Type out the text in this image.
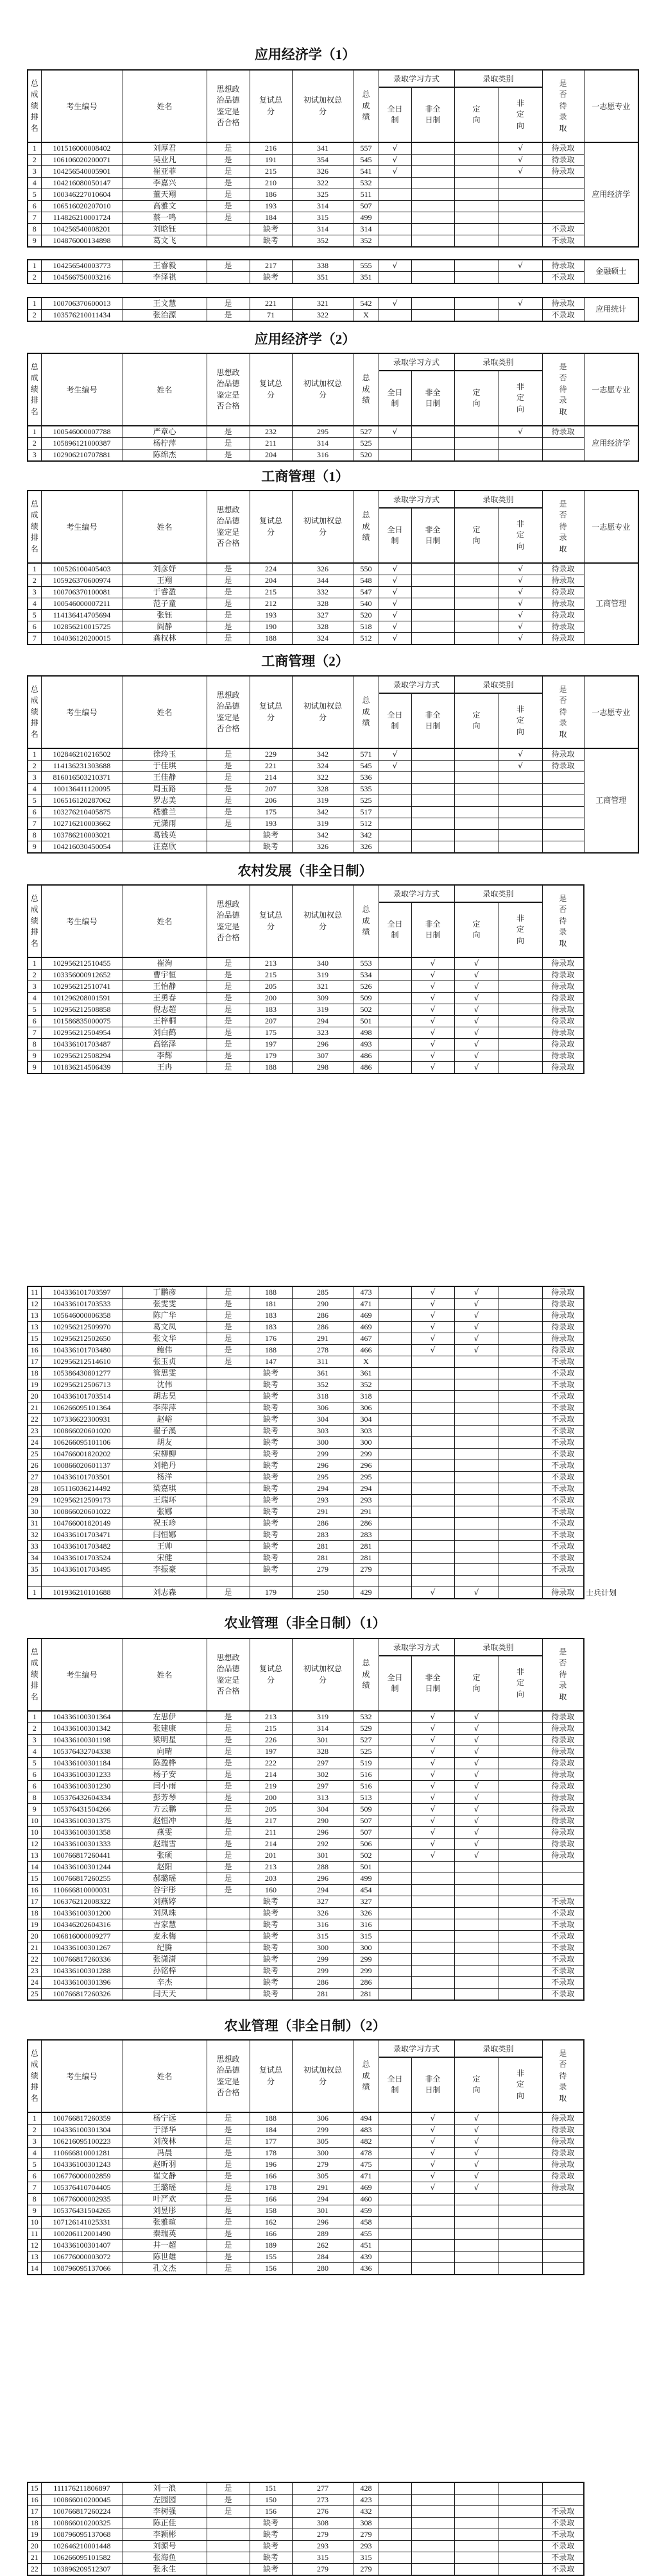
应用经济学（1）
总成绩排名	考生编号	姓名	思想政治品德鉴定是否合格	复试总分	初试加权总分	总成绩	录取学习方式		录取类别		是否待录取	一志愿专业
							全日制	非全日制	定向	非定向		
1	101516000008402	刘厚君	是	216	341	557	√			√	待录取	应用经济学
2	106106020200071	吴业凡	是	191	354	545	√			√	待录取	
3	104256540005901	崔亚菲	是	215	326	541	√			√	待录取	
4	104216080050147	李嘉兴	是	210	322	532						
5	100346227010604	董天翔	是	186	325	511						
6	106516020207010	高雅文	是	193	314	507						
7	114826210001724	蔡一鸣	是	184	315	499						
8	104256540008201	刘晗钰		缺考	314	314					不录取	
9	104876000134898	葛文飞		缺考	352	352					不录取	
1	104256540003773	王睿毅	是	217	338	555	√			√	待录取	金融硕士
2	104566750003216	李泽祺		缺考	351	351					不录取	
1	100706370600013	王文慧	是	221	321	542	√			√	待录取	应用统计
2	103576210011434	张治源	是	71	322	X					不录取	
应用经济学（2）
总成绩排名	考生编号	姓名	思想政治品德鉴定是否合格	复试总分	初试加权总分	总成绩	录取学习方式		录取类别		是否待录取	一志愿专业
							全日制	非全日制	定向	非定向		
1	100546000007788	严章心	是	232	295	527	√			√	待录取	应用经济学
2	105896121000387	杨柠萍	是	211	314	525						
3	102906210707881	陈绵杰	是	204	316	520						
工商管理（1）
总成绩排名	考生编号	姓名	思想政治品德鉴定是否合格	复试总分	初试加权总分	总成绩	录取学习方式		录取类别		是否待录取	一志愿专业
							全日制	非全日制	定向	非定向		
1	100526100405403	刘彦妤	是	224	326	550	√			√	待录取	工商管理
2	105926370600974	王翔	是	204	344	548	√			√	待录取	
3	100706370100081	于睿盈	是	215	332	547	√			√	待录取	
4	100546000007211	范子童	是	212	328	540	√			√	待录取	
5	114136414705694	张钰	是	193	327	520	√			√	待录取	
6	102856210015725	阎静	是	190	328	518	√			√	待录取	
7	104036120200015	龚权林	是	188	324	512	√			√	待录取	
工商管理（2）
总成绩排名	考生编号	姓名	思想政治品德鉴定是否合格	复试总分	初试加权总分	总成绩	录取学习方式		录取类别		是否待录取	一志愿专业
							全日制	非全日制	定向	非定向		
1	102846210216502	徐玲玉	是	229	342	571	√			√	待录取	工商管理
2	114136231303688	于佳琪	是	221	324	545	√			√	待录取	
3	816016503210371	王佳静	是	214	322	536						
4	100136411120095	周玉路	是	207	328	535						
5	106516120287062	罗志美	是	206	319	525						
6	103276210405875	嵇雅兰	是	175	342	517						
7	102716210003662	元潇雨	是	193	319	512						
8	103786210003021	葛钱英		缺考	342	342						
9	104216030450054	汪嘉欣		缺考	326	326						
农村发展（非全日制）
总成绩排名	考生编号	姓名	思想政治品德鉴定是否合格	复试总分	初试加权总分	总成绩	录取学习方式		录取类别		是否待录取
							全日制	非全日制	定向	非定向	
1	102956212510455	崔洵	是	213	340	553		√	√		待录取
2	103356000912652	曹宇恒	是	215	319	534		√	√		待录取
3	102956212510741	王怡静	是	205	321	526		√	√		待录取
4	101296208001591	王勇春	是	200	309	509		√	√		待录取
5	102956212508858	倪志超	是	183	319	502		√	√		待录取
6	101586835000075	王梓桐	是	207	294	501		√	√		待录取
7	102956212504954	刘白鹤	是	175	323	498		√	√		待录取
8	104336101703487	高铭泽	是	197	296	493		√	√		待录取
9	102956212508294	李辉	是	179	307	486		√	√		待录取
9	101836214506439	王冉	是	188	298	486		√	√		待录取
11	104336101703597	丁鹏彦	是	188	285	473		√	√		待录取
12	104336101703533	张雯雯	是	181	290	471		√	√		待录取
13	105646000006358	陈广华	是	183	286	469		√	√		待录取
13	102956212509970	葛文凤	是	183	286	469		√	√		待录取
15	102956212502650	张文华	是	176	291	467		√	√		待录取
16	104336101703480	鲍伟	是	188	278	466		√	√		待录取
17	102956212514610	张玉贞	是	147	311	X					不录取
18	105386430801277	管思雯		缺考	361	361					不录取
19	102956212506713	沈伟		缺考	352	352					不录取
20	104336101703514	胡志昊		缺考	318	318					不录取
21	106266095101364	李萍萍		缺考	306	306					不录取
22	107336622300931	赵峪		缺考	304	304					不录取
23	100866020601020	翟子溪		缺考	303	303					不录取
24	106266095101106	胡友		缺考	300	300					不录取
25	104766001820202	宋柳柳		缺考	299	299					不录取
26	100866020601137	刘艳丹		缺考	296	296					不录取
27	104336101703501	杨洋		缺考	295	295					不录取
28	105116036214492	梁嘉琪		缺考	294	294					不录取
29	102956212509173	王瑞环		缺考	293	293					不录取
30	100866020601022	张娜		缺考	291	291					不录取
31	104766001820149	祝玉珍		缺考	286	286					不录取
32	104336101703471	闫恒娜		缺考	283	283					不录取
33	104336101703482	王帅		缺考	281	281					不录取
34	104336101703524	宋健		缺考	281	281					不录取
35	104336101703495	李振豪		缺考	279	279					不录取

1	101936210101688	刘志森	是	179	250	429		√	√		待录取 士兵计划
农业管理（非全日制）（1）
总成绩排名	考生编号	姓名	思想政治品德鉴定是否合格	复试总分	初试加权总分	总成绩	录取学习方式		录取类别		是否待录取
							全日制	非全日制	定向	非定向	
1	104336100301364	左思伊	是	213	319	532		√	√		待录取
2	104336100301342	张建康	是	215	314	529		√	√		待录取
3	104336100301198	梁明星	是	226	301	527		√	√		待录取
4	105376432704338	向晴	是	197	328	525		√	√		待录取
5	104336100301184	陈盈桦	是	222	297	519		√	√		待录取
6	104336100301233	杨子安	是	214	302	516		√	√		待录取
6	104336100301230	闫小雨	是	219	297	516		√	√		待录取
8	105376432604334	彭芳琴	是	200	313	513		√	√		待录取
9	105376431504266	方云鹏	是	205	304	509		√	√		待录取
10	104336100301375	赵恒冲	是	217	290	507		√	√		待录取
10	104336100301358	燕雯	是	211	296	507		√	√		待录取
12	104336100301333	赵瑞雪	是	214	292	506		√	√		待录取
13	100766817260441	张硕	是	201	301	502		√	√		待录取
14	104336100301244	赵阳	是	213	288	501					
15	100766817260255	郝璐瑶	是	203	296	499					
16	110666810000031	谷宇彤	是	160	294	454					
17	106376212008322	刘燕婷		缺考	327	327					不录取
18	104336100301200	刘凤珠		缺考	326	326					不录取
19	104346202604316	吉家慧		缺考	316	316					不录取
20	106816000009277	麦永梅		缺考	315	315					不录取
21	104336100301267	纪腾		缺考	300	300					不录取
22	100766817260336	张潇潇		缺考	299	299					不录取
23	104336100301288	孙铭梓		缺考	299	299					不录取
24	104336100301396	辛杰		缺考	286	286					不录取
25	100766817260326	闫天天		缺考	281	281					不录取
农业管理（非全日制）（2）
总成绩排名	考生编号	姓名	思想政治品德鉴定是否合格	复试总分	初试加权总分	总成绩	录取学习方式		录取类别		是否待录取
							全日制	非全日制	定向	非定向	
1	100766817260359	杨宁远	是	188	306	494		√	√		待录取
2	104336100301304	于泽华	是	184	299	483		√	√		待录取
3	106216095100223	刘茂林	是	177	305	482		√	√		待录取
4	110666810001281	冯晨	是	178	300	478		√	√		待录取
5	104336100301243	赵昕羽	是	196	279	475		√	√		待录取
6	106776000002859	崔文静	是	166	305	471		√	√		待录取
7	105376410704405	王璐瑶	是	178	291	469		√	√		待录取
8	106776000002935	叶严欢	是	166	294	460					
9	105376431504265	刘昱彤	是	158	301	459					
10	107126141025331	张雅暄	是	162	296	458					
11	100206112001490	秦瑞英	是	166	289	455					
12	104336100301407	井一超	是	189	262	451					
13	106776000003072	陈世雄	是	155	284	439					
14	108796095137066	孔文杰	是	156	280	436					
15	111176211806897	刘一浪	是	151	277	428					
16	100866010200045	左园园	是	150	273	423					
17	100766817260224	李树强	是	156	276	432					不录取
18	100866010200325	陈正佳		缺考	308	308					不录取
19	108796095137068	李颖彬		缺考	279	279					不录取
20	102646210001448	刘源号		缺考	293	293					不录取
21	106266095101582	张海鱼		缺考	315	315					不录取
22	103896209512307	张永生		缺考	279	279					不录取
